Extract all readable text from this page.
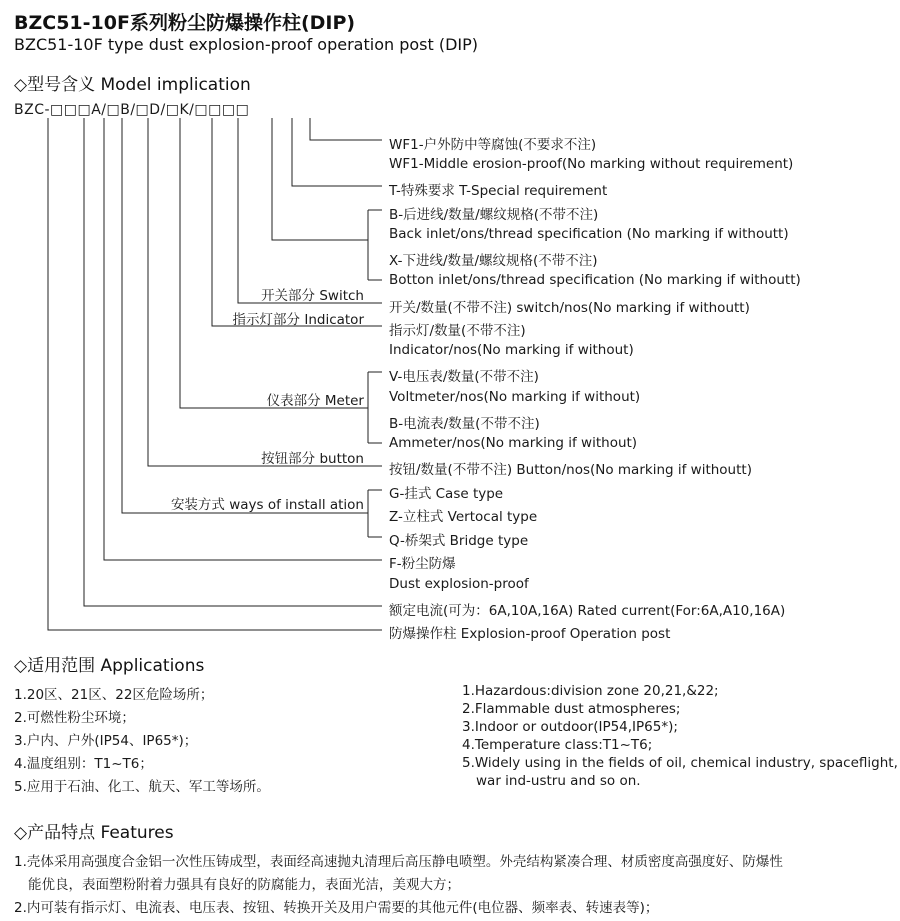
BZC51-10F系列粉尘防爆操作柱(DIP)
BZC51-10F type dust explosion-proof operation post (DIP)
◇型号含义 Model implication
BZC-□□□A/□B/□D/□K/□□□□
WF1-户外防中等腐蚀(不要求不注)
WF1-Middle erosion-proof(No marking without requirement)
T-特殊要求 T-Special requirement
B-后进线/数量/螺纹规格(不带不注)
Back inlet/ons/thread specification (No marking if withoutt)
X-下进线/数量/螺纹规格(不带不注)
Botton inlet/ons/thread specification (No marking if withoutt)
开关/数量(不带不注) switch/nos(No marking if withoutt)
指示灯/数量(不带不注)
Indicator/nos(No marking if without)
V-电压表/数量(不带不注)
Voltmeter/nos(No marking if without)
B-电流表/数量(不带不注)
Ammeter/nos(No marking if without)
按钮/数量(不带不注) Button/nos(No marking if withoutt)
G-挂式 Case type
Z-立柱式 Vertocal type
Q-桥架式 Bridge type
F-粉尘防爆
Dust explosion-proof
额定电流(可为：6A,10A,16A) Rated current(For:6A,A10,16A)
防爆操作柱 Explosion-proof Operation post
开关部分 Switch
指示灯部分 Indicator
仪表部分 Meter
按钮部分 button
安装方式 ways of install ation
◇适用范围 Applications
1.20区、21区、22区危险场所；
2.可燃性粉尘环境；
3.户内、户外(IP54、IP65*)；
4.温度组别：T1~T6；
5.应用于石油、化工、航天、军工等场所。
1.Hazardous:division zone 20,21,&22;
2.Flammable dust atmospheres;
3.Indoor or outdoor(IP54,IP65*);
4.Temperature class:T1~T6;
5.Widely using in the fields of oil, chemical industry, spaceflight,
war ind-ustru and so on.
◇产品特点 Features
1.壳体采用高强度合金铝一次性压铸成型，表面经高速抛丸清理后高压静电喷塑。外壳结构紧凑合理、材质密度高强度好、防爆性
能优良，表面塑粉附着力强具有良好的防腐能力，表面光洁，美观大方；
2.内可装有指示灯、电流表、电压表、按钮、转换开关及用户需要的其他元件(电位器、频率表、转速表等)；
